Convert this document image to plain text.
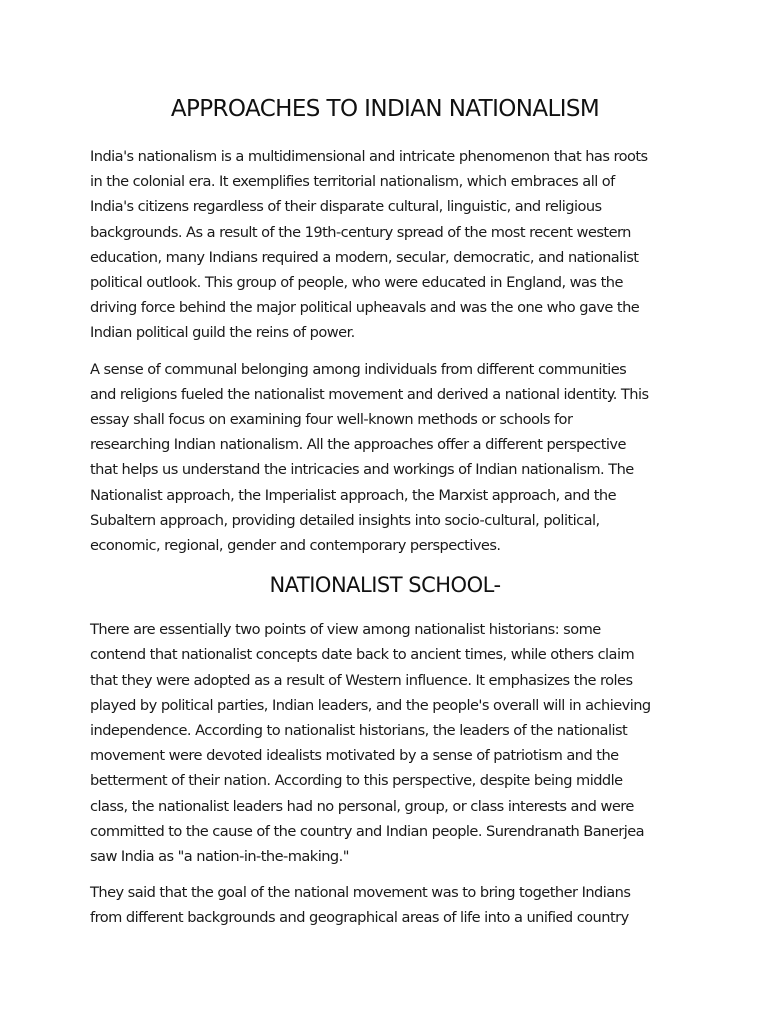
APPROACHES TO INDIAN NATIONALISM

India's nationalism is a multidimensional and intricate phenomenon that has roots
in the colonial era. It exemplifies territorial nationalism, which embraces all of
India's citizens regardless of their disparate cultural, linguistic, and religious
backgrounds. As a result of the 19th-century spread of the most recent western
education, many Indians required a modern, secular, democratic, and nationalist
political outlook. This group of people, who were educated in England, was the
driving force behind the major political upheavals and was the one who gave the
Indian political guild the reins of power.

A sense of communal belonging among individuals from different communities
and religions fueled the nationalist movement and derived a national identity. This
essay shall focus on examining four well-known methods or schools for
researching Indian nationalism. All the approaches offer a different perspective
that helps us understand the intricacies and workings of Indian nationalism. The
Nationalist approach, the Imperialist approach, the Marxist approach, and the
Subaltern approach, providing detailed insights into socio-cultural, political,
economic, regional, gender and contemporary perspectives.

NATIONALIST SCHOOL-

There are essentially two points of view among nationalist historians: some
contend that nationalist concepts date back to ancient times, while others claim
that they were adopted as a result of Western influence. It emphasizes the roles
played by political parties, Indian leaders, and the people's overall will in achieving
independence. According to nationalist historians, the leaders of the nationalist
movement were devoted idealists motivated by a sense of patriotism and the
betterment of their nation. According to this perspective, despite being middle
class, the nationalist leaders had no personal, group, or class interests and were
committed to the cause of the country and Indian people. Surendranath Banerjea
saw India as "a nation-in-the-making."

They said that the goal of the national movement was to bring together Indians
from different backgrounds and geographical areas of life into a unified country
